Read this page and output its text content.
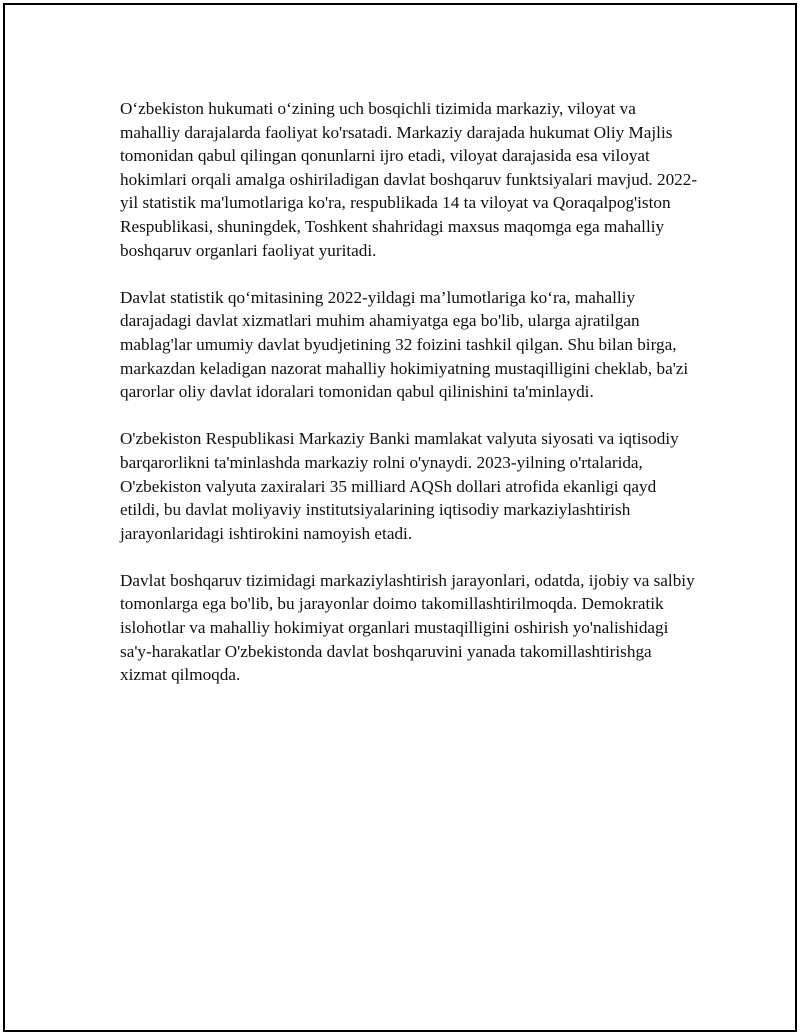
O‘zbekiston hukumati o‘zining uch bosqichli tizimida markaziy, viloyat va mahalliy darajalarda faoliyat ko'rsatadi. Markaziy darajada hukumat Oliy Majlis tomonidan qabul qilingan qonunlarni ijro etadi, viloyat darajasida esa viloyat hokimlari orqali amalga oshiriladigan davlat boshqaruv funktsiyalari mavjud. 2022-yil statistik ma'lumotlariga ko'ra, respublikada 14 ta viloyat va Qoraqalpog'iston Respublikasi, shuningdek, Toshkent shahridagi maxsus maqomga ega mahalliy boshqaruv organlari faoliyat yuritadi.

Davlat statistik qo‘mitasining 2022-yildagi ma’lumotlariga ko‘ra, mahalliy darajadagi davlat xizmatlari muhim ahamiyatga ega bo'lib, ularga ajratilgan mablag'lar umumiy davlat byudjetining 32 foizini tashkil qilgan. Shu bilan birga, markazdan keladigan nazorat mahalliy hokimiyatning mustaqilligini cheklab, ba'zi qarorlar oliy davlat idoralari tomonidan qabul qilinishini ta'minlaydi.

O'zbekiston Respublikasi Markaziy Banki mamlakat valyuta siyosati va iqtisodiy barqarorlikni ta'minlashda markaziy rolni o'ynaydi. 2023-yilning o'rtalarida, O'zbekiston valyuta zaxiralari 35 milliard AQSh dollari atrofida ekanligi qayd etildi, bu davlat moliyaviy institutsiyalarining iqtisodiy markaziylashtirish jarayonlaridagi ishtirokini namoyish etadi.

Davlat boshqaruv tizimidagi markaziylashtirish jarayonlari, odatda, ijobiy va salbiy tomonlarga ega bo'lib, bu jarayonlar doimo takomillashtirilmoqda. Demokratik islohotlar va mahalliy hokimiyat organlari mustaqilligini oshirish yo'nalishidagi sa'y-harakatlar O'zbekistonda davlat boshqaruvini yanada takomillashtirishga xizmat qilmoqda.
